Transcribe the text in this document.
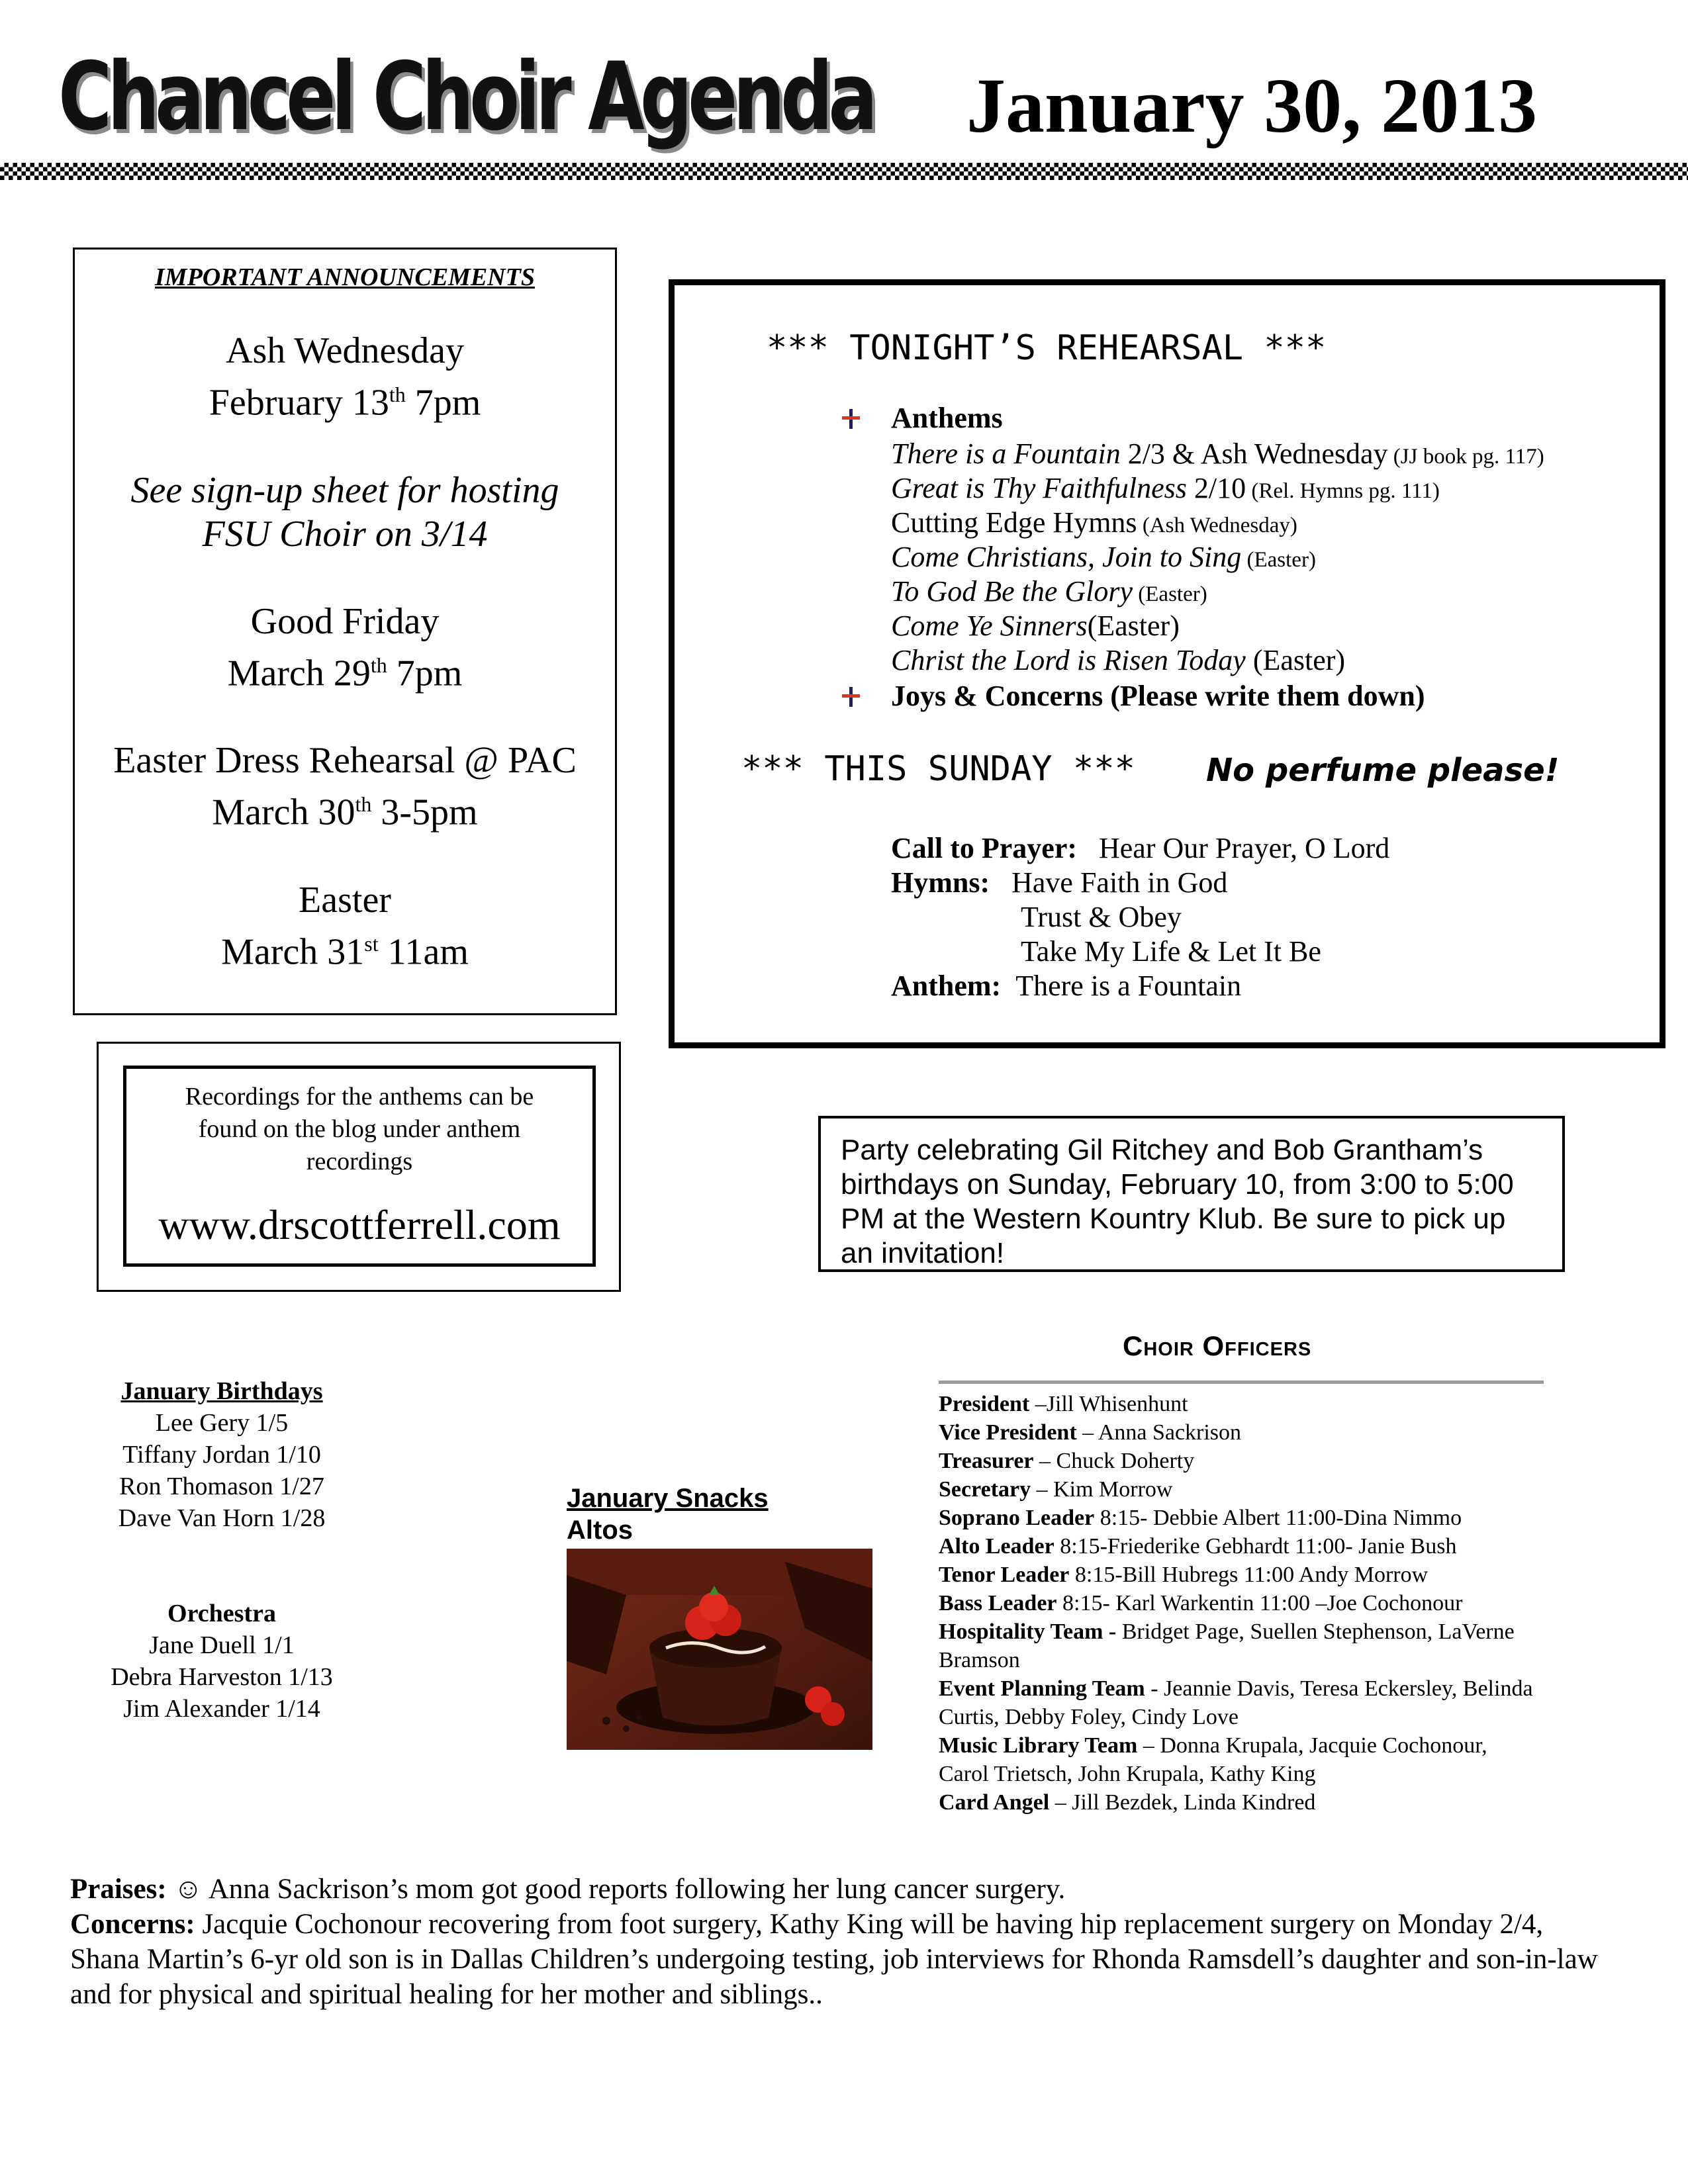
Chancel Choir Agenda January 30, 2013
IMPORTANT ANNOUNCEMENTS
Ash Wednesday
February 13th 7pm
See sign-up sheet for hosting
FSU Choir on 3/14
Good Friday
March 29th 7pm
Easter Dress Rehearsal @ PAC
March 30th 3-5pm
Easter
March 31st 11am
*** TONIGHT’S REHEARSAL ***
Anthems
There is a Fountain 2/3 & Ash Wednesday (JJ book pg. 117)
Great is Thy Faithfulness 2/10 (Rel. Hymns pg. 111)
Cutting Edge Hymns (Ash Wednesday)
Come Christians, Join to Sing (Easter)
To God Be the Glory (Easter)
Come Ye Sinners(Easter)
Christ the Lord is Risen Today (Easter)
Joys & Concerns (Please write them down)
*** THIS SUNDAY *** No perfume please!
Call to Prayer: Hear Our Prayer, O Lord
Hymns: Have Faith in God
Trust & Obey
Take My Life & Let It Be
Anthem: There is a Fountain
Recordings for the anthems can be
found on the blog under anthem
recordings
www.drscottferrell.com
Party celebrating Gil Ritchey and Bob Grantham’s birthdays on Sunday, February 10, from 3:00 to 5:00 PM at the Western Kountry Klub. Be sure to pick up an invitation!
January Birthdays
Lee Gery 1/5
Tiffany Jordan 1/10
Ron Thomason 1/27
Dave Van Horn 1/28
Orchestra
Jane Duell 1/1
Debra Harveston 1/13
Jim Alexander 1/14
January Snacks
Altos
Choir Officers
President –Jill Whisenhunt
Vice President – Anna Sackrison
Treasurer – Chuck Doherty
Secretary – Kim Morrow
Soprano Leader 8:15- Debbie Albert 11:00-Dina Nimmo
Alto Leader 8:15-Friederike Gebhardt 11:00- Janie Bush
Tenor Leader 8:15-Bill Hubregs 11:00 Andy Morrow
Bass Leader 8:15- Karl Warkentin 11:00 –Joe Cochonour
Hospitality Team - Bridget Page, Suellen Stephenson, LaVerne Bramson
Event Planning Team - Jeannie Davis, Teresa Eckersley, Belinda Curtis, Debby Foley, Cindy Love
Music Library Team – Donna Krupala, Jacquie Cochonour, Carol Trietsch, John Krupala, Kathy King
Card Angel – Jill Bezdek, Linda Kindred
Praises: ☺ Anna Sackrison’s mom got good reports following her lung cancer surgery.
Concerns: Jacquie Cochonour recovering from foot surgery, Kathy King will be having hip replacement surgery on Monday 2/4, Shana Martin’s 6-yr old son is in Dallas Children’s undergoing testing, job interviews for Rhonda Ramsdell’s daughter and son-in-law and for physical and spiritual healing for her mother and siblings..
